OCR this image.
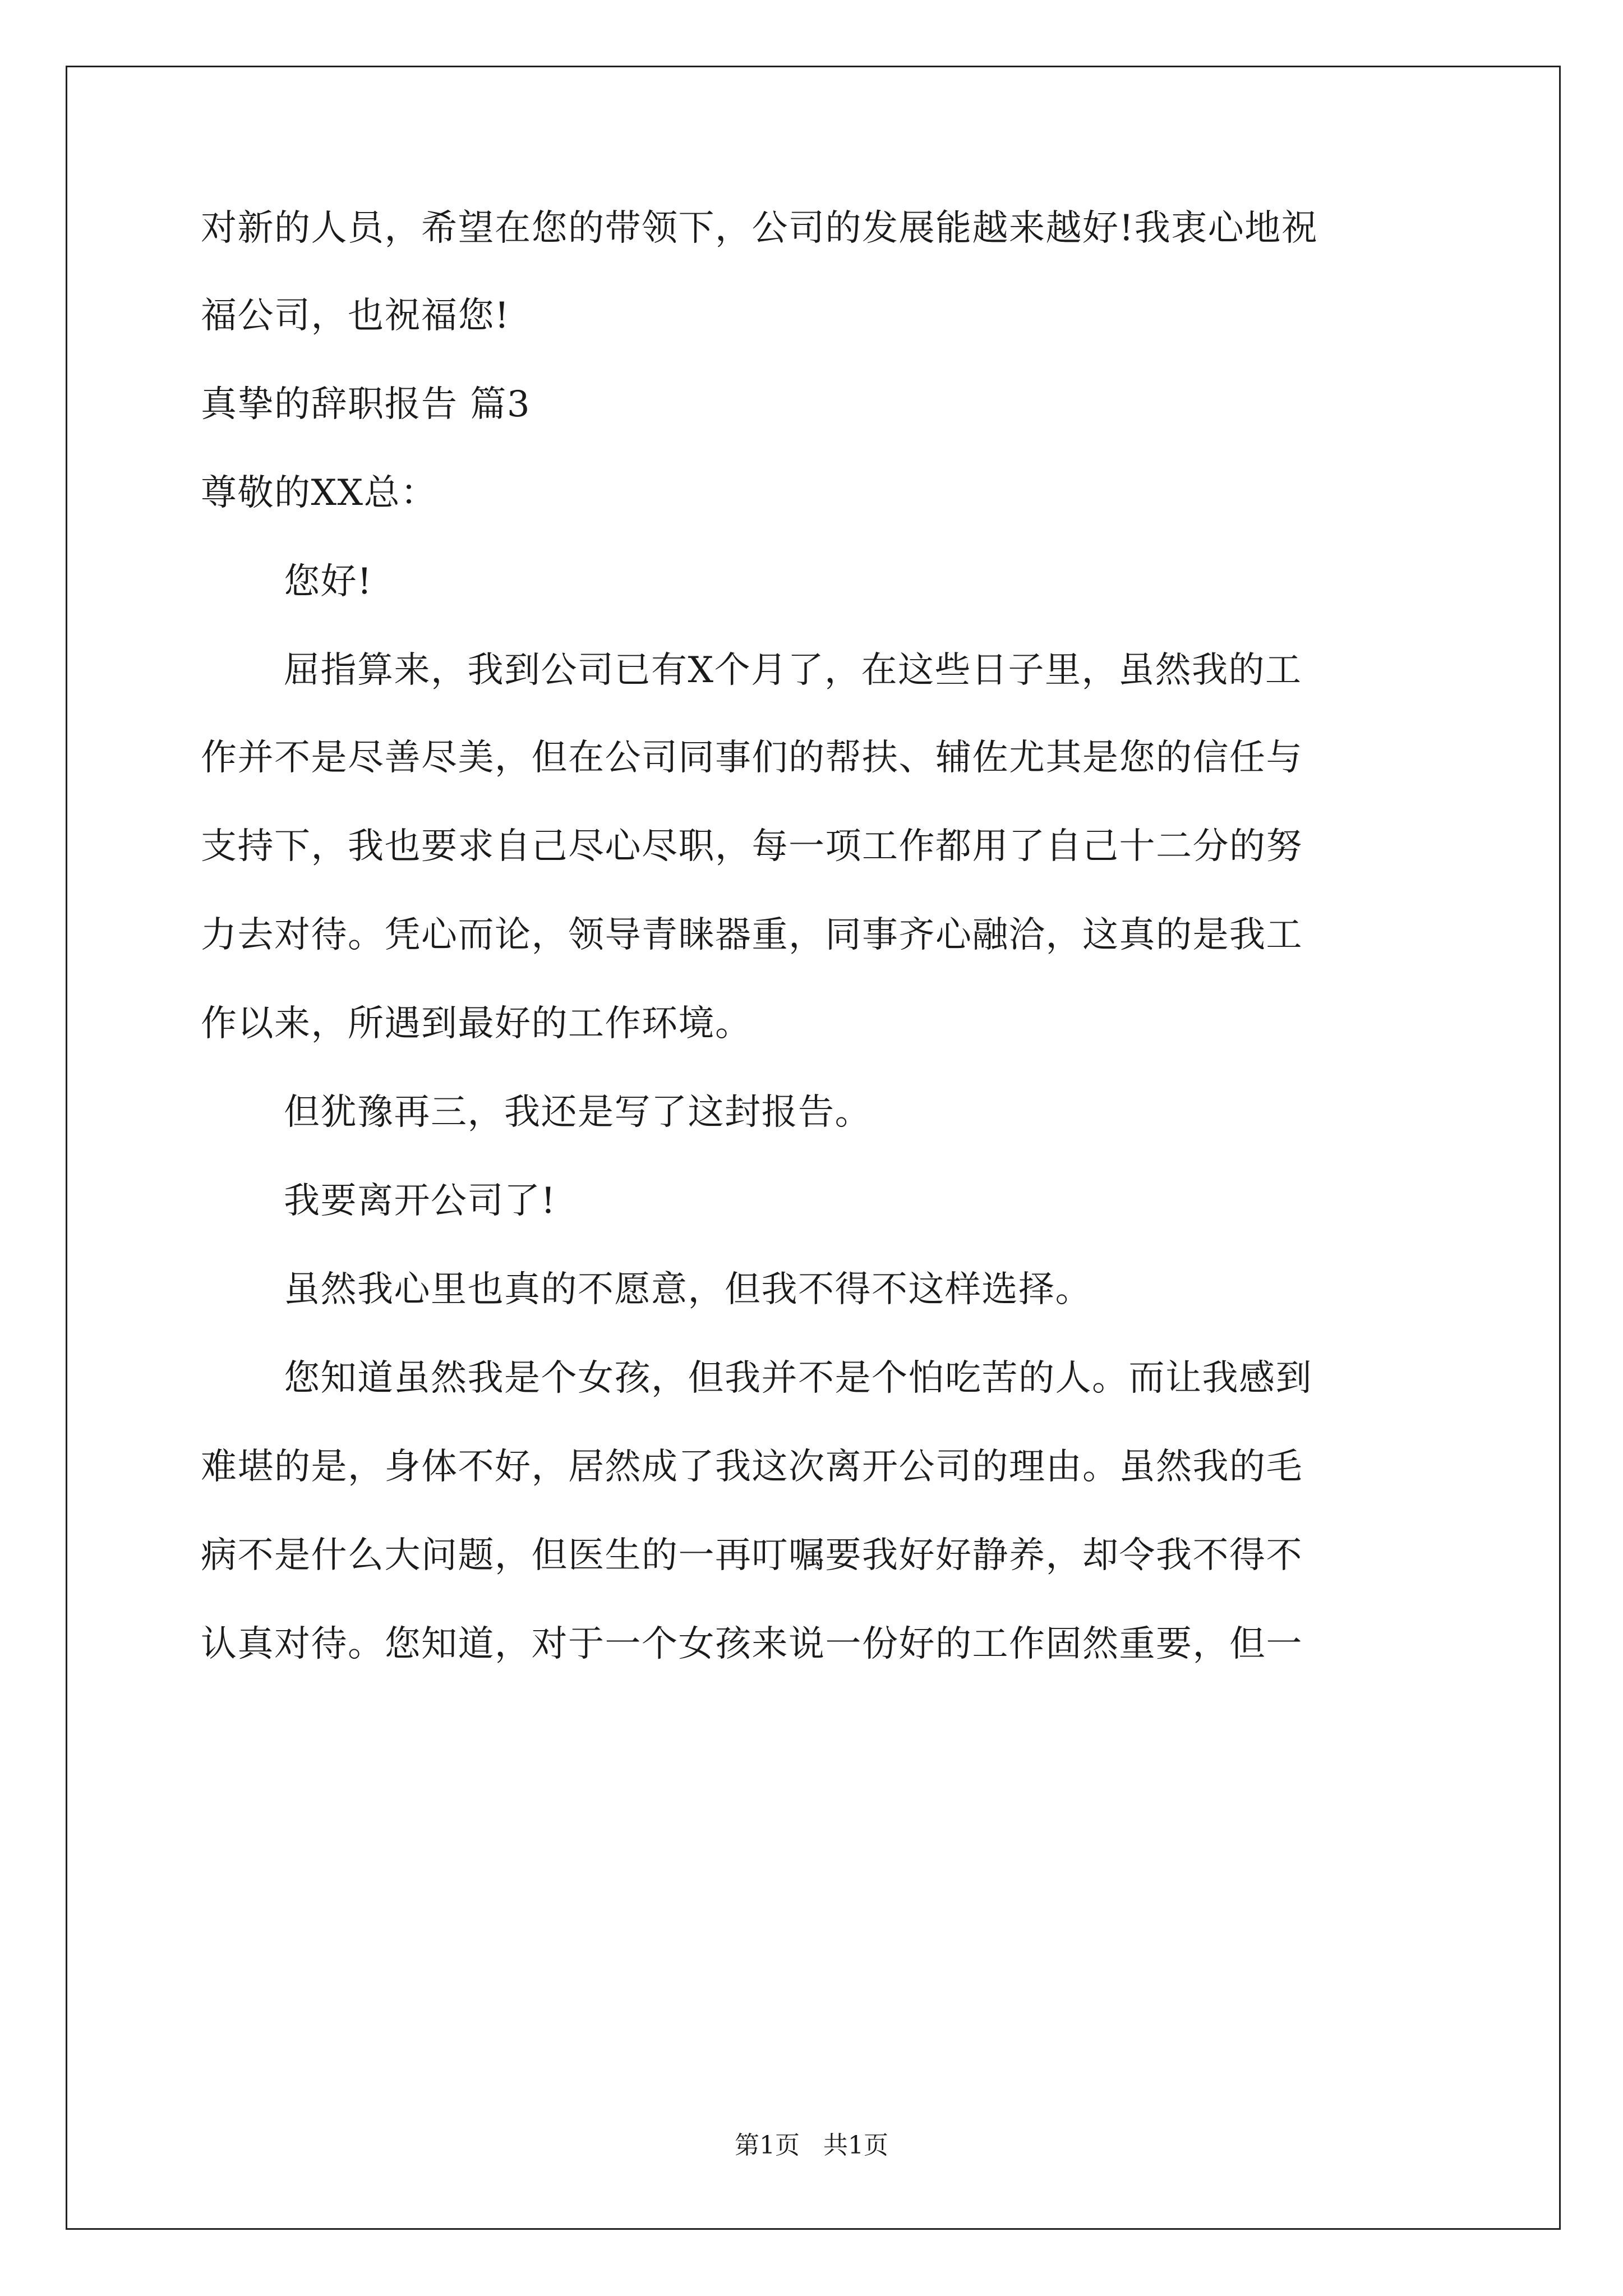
对新的人员，希望在您的带领下，公司的发展能越来越好!我衷心地祝

福公司，也祝福您!

真挚的辞职报告 篇3

尊敬的XX总：

您好!

屈指算来，我到公司已有X个月了，在这些日子里，虽然我的工

作并不是尽善尽美，但在公司同事们的帮扶、辅佐尤其是您的信任与

支持下，我也要求自己尽心尽职，每一项工作都用了自己十二分的努

力去对待。凭心而论，领导青睐器重，同事齐心融洽，这真的是我工

作以来，所遇到最好的工作环境。

但犹豫再三，我还是写了这封报告。

我要离开公司了!

虽然我心里也真的不愿意，但我不得不这样选择。

您知道虽然我是个女孩，但我并不是个怕吃苦的人。而让我感到

难堪的是，身体不好，居然成了我这次离开公司的理由。虽然我的毛

病不是什么大问题，但医生的一再叮嘱要我好好静养，却令我不得不

认真对待。您知道，对于一个女孩来说一份好的工作固然重要，但一

第1页   共1页
